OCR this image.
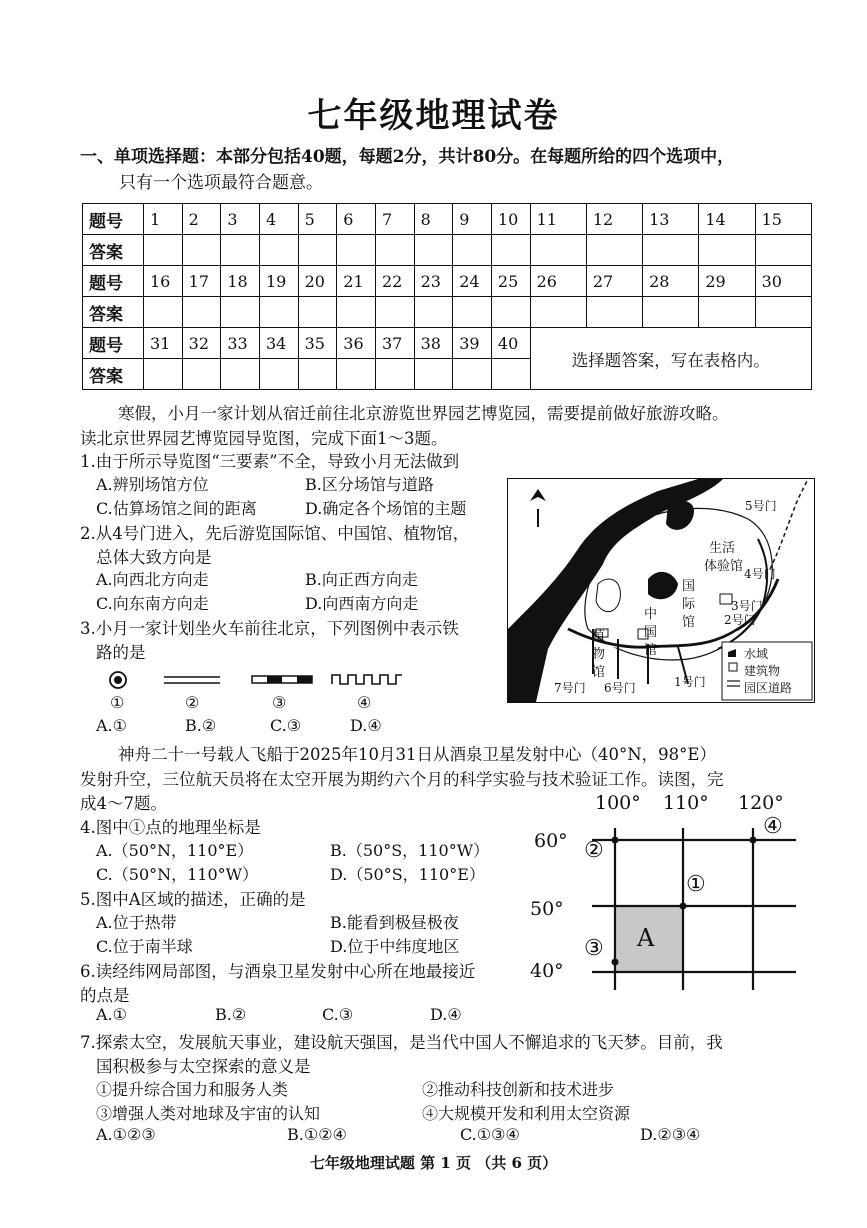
七年级地理试卷
一、单项选择题：本部分包括40题，每题2分，共计80分。在每题所给的四个选项中，
只有一个选项最符合题意。
题号	1	2	3	4	5	6	7	8	9	10	11	12	13	14	15
答案															
题号	16	17	18	19	20	21	22	23	24	25	26	27	28	29	30
答案															
题号	31	32	33	34	35	36	37	38	39	40	选择题答案，写在表格内。				
答案															
寒假，小月一家计划从宿迁前往北京游览世界园艺博览园，需要提前做好旅游攻略。
读北京世界园艺博览园导览图，完成下面1～3题。
1.由于所示导览图“三要素”不全，导致小月无法做到
A.辨别场馆方位	B.区分场馆与道路
C.估算场馆之间的距离	D.确定各个场馆的主题
2.从4号门进入，先后游览国际馆、中国馆、植物馆，
总体大致方向是
A.向西北方向走	B.向正西方向走
C.向东南方向走	D.向西南方向走
3.小月一家计划坐火车前往北京，下列图例中表示铁
路的是
①	②	③	④
A.①	B.②	C.③	D.④
5号门
生活
体验馆 4号门
3号门
2号门
国
际
馆
中
国
馆
植
物
馆
1号门
6号门
7号门
水域
建筑物
园区道路
神舟二十一号载人飞船于2025年10月31日从酒泉卫星发射中心（40°N，98°E）
发射升空，三位航天员将在太空开展为期约六个月的科学实验与技术验证工作。读图，完
成4～7题。
4.图中①点的地理坐标是
A.（50°N，110°E）	B.（50°S，110°W）
C.（50°N，110°W）	D.（50°S，110°E）
5.图中A区域的描述，正确的是
A.位于热带	B.能看到极昼极夜
C.位于南半球	D.位于中纬度地区
6.读经纬网局部图，与酒泉卫星发射中心所在地最接近
的点是
A.①	B.②	C.③	D.④
100° 110° 120°
60°
50°
40°
①
②
③
④
A
7.探索太空，发展航天事业，建设航天强国，是当代中国人不懈追求的飞天梦。目前，我
国积极参与太空探索的意义是
①提升综合国力和服务人类	②推动科技创新和技术进步
③增强人类对地球及宇宙的认知	④大规模开发和利用太空资源
A.①②③	B.①②④	C.①③④	D.②③④
七年级地理试题 第 1 页 （共 6 页）
